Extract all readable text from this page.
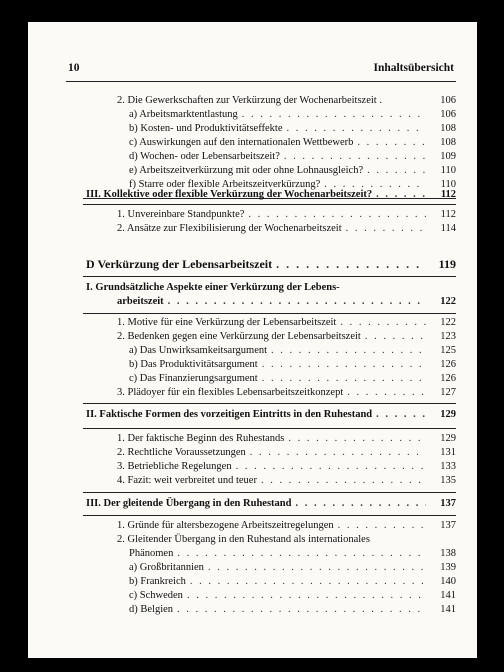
10	Inhaltsübersicht
2. Die Gewerkschaften zur Verkürzung der Wochenarbeitszeit .	106
a) Arbeitsmarktentlastung . . .	106
b) Kosten- und Produktivitätseffekte . . .	108
c) Auswirkungen auf den internationalen Wettbewerb . . .	108
d) Wochen- oder Lebensarbeitszeit? . . .	109
e) Arbeitszeitverkürzung mit oder ohne Lohnausgleich? . . .	110
f) Starre oder flexible Arbeitszeitverkürzung? . . .	110
III. Kollektive oder flexible Verkürzung der Wochenarbeitszeit? . . .	112
1. Unvereinbare Standpunkte? . . .	112
2. Ansätze zur Flexibilisierung der Wochenarbeitszeit . . .	114
D Verkürzung der Lebensarbeitszeit . . .	119
I. Grundsätzliche Aspekte einer Verkürzung der Lebens-
arbeitszeit . . .	122
1. Motive für eine Verkürzung der Lebensarbeitszeit . . .	122
2. Bedenken gegen eine Verkürzung der Lebensarbeitszeit . . .	123
a) Das Unwirksamkeitsargument . . .	125
b) Das Produktivitätsargument . . .	126
c) Das Finanzierungsargument . . .	126
3. Plädoyer für ein flexibles Lebensarbeitszeitkonzept . . .	127
II. Faktische Formen des vorzeitigen Eintritts in den Ruhestand . . .	129
1. Der faktische Beginn des Ruhestands . . .	129
2. Rechtliche Voraussetzungen . . .	131
3. Betriebliche Regelungen . . .	133
4. Fazit: weit verbreitet und teuer . . .	135
III. Der gleitende Übergang in den Ruhestand . . .	137
1. Gründe für altersbezogene Arbeitszeitregelungen . . .	137
2. Gleitender Übergang in den Ruhestand als internationales
Phänomen . . .	138
a) Großbritannien . . .	139
b) Frankreich . . .	140
c) Schweden . . .	141
d) Belgien . . .	141
